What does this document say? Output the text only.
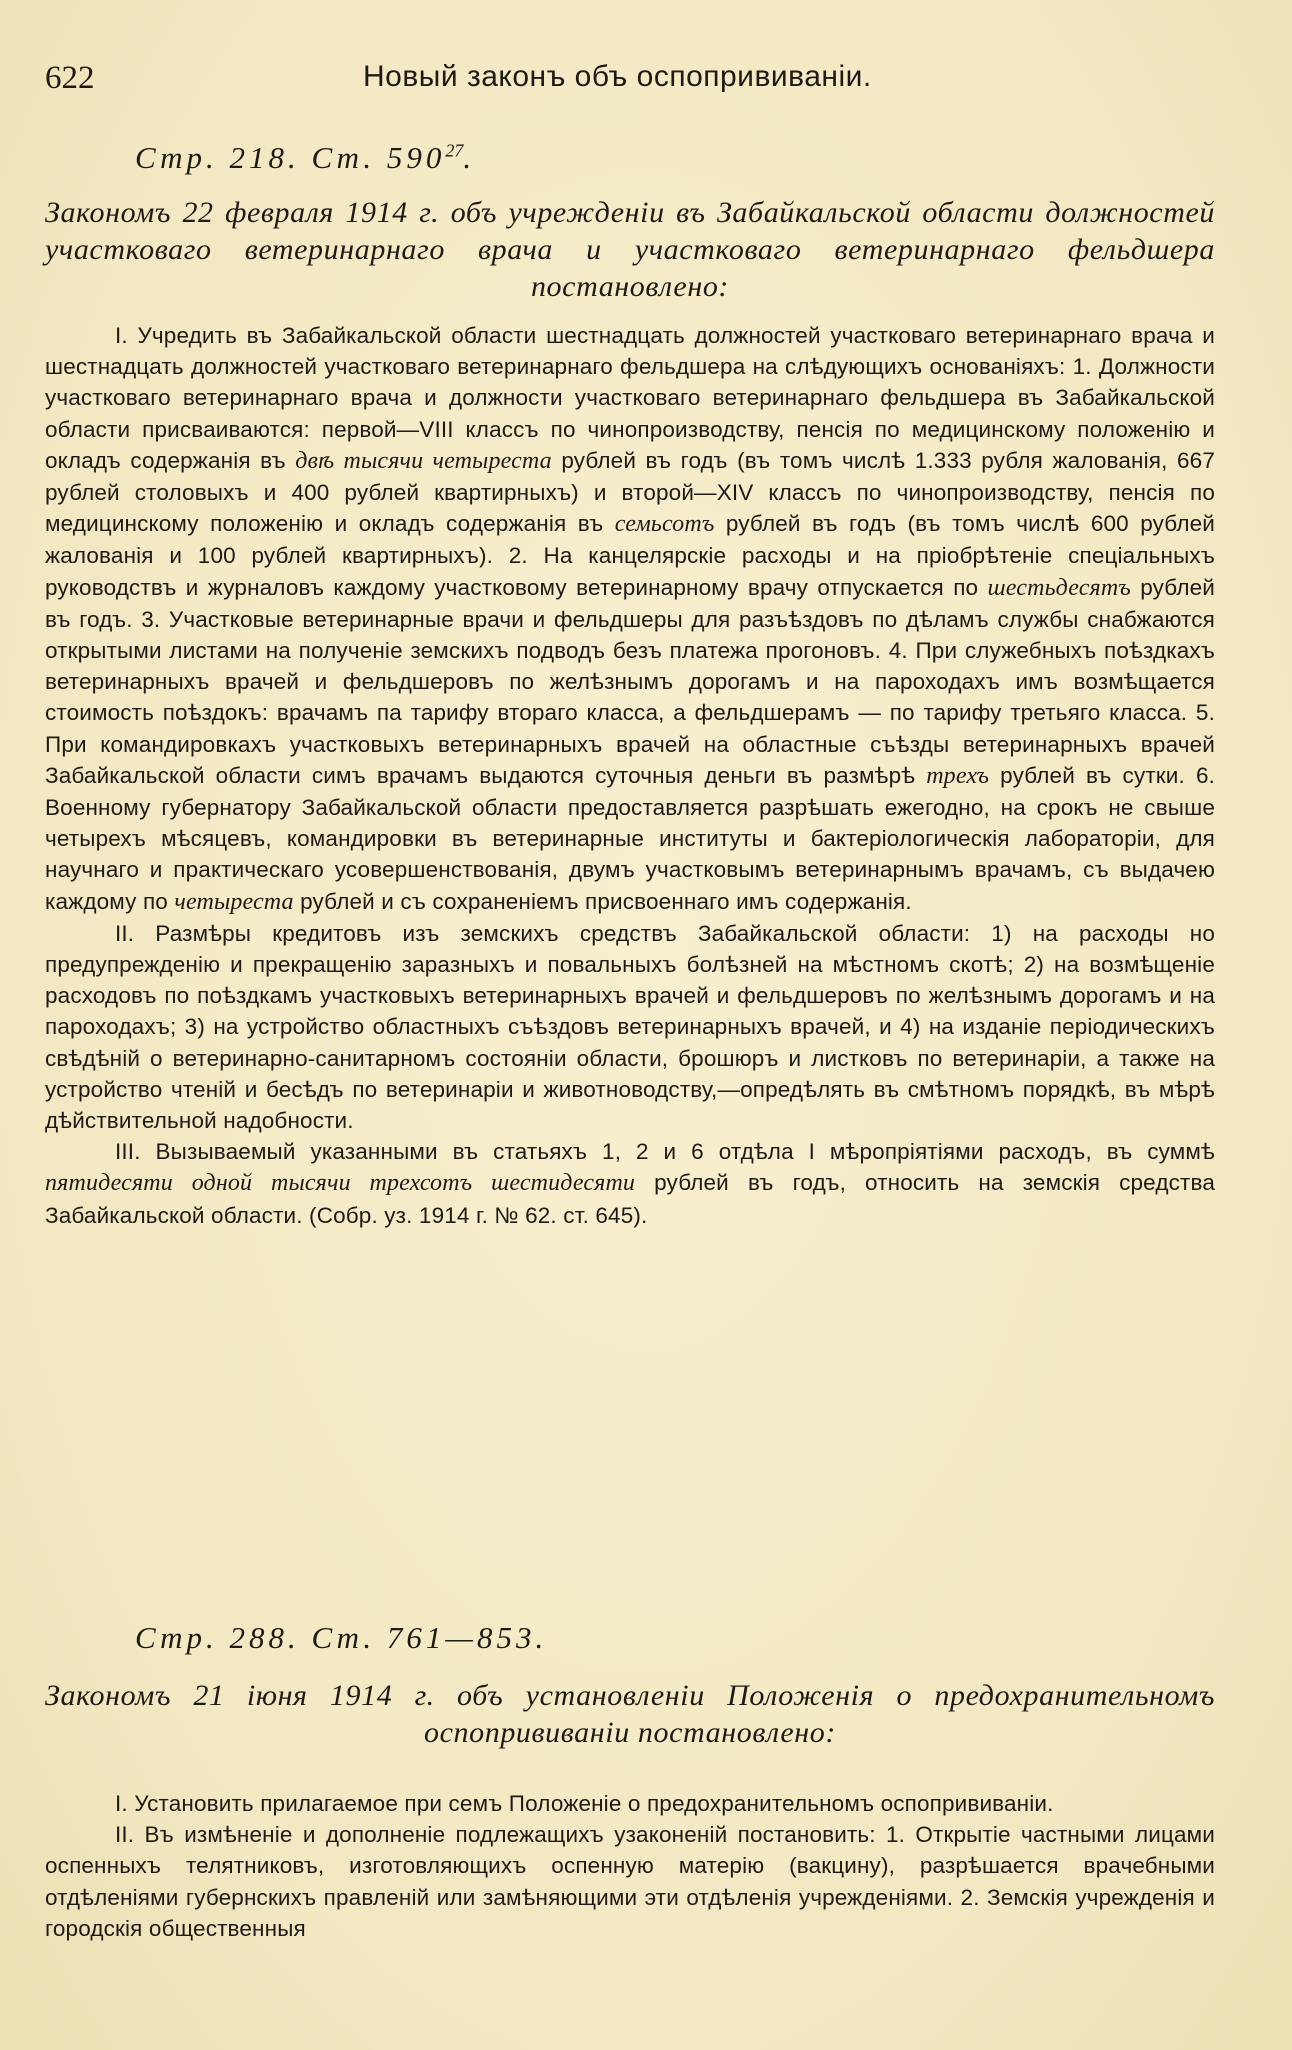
622	Новый законъ объ оспопрививаніи.
Стр. 218. Ст. $590^{27}$.
Закономъ 22 февраля 1914 г. объ учрежденіи въ Забайкальской области должностей участковаго ветеринарнаго врача и участковаго ветеринарнаго фельдшера постановлено:

I. Учредить въ Забайкальской области шестнадцать должностей участковаго ветеринарнаго врача и шестнадцать должностей участковаго ветеринарнаго фельдшера на слѣдующихъ основаніяхъ: 1. Должности участковаго ветеринарнаго врача и должности участковаго ветеринарнаго фельдшера въ Забайкальской области присваиваются: первой—VIII классъ по чинопроизводству, пенсія по медицинскому положенію и окладъ содержанія въ двѣ тысячи четыреста рублей въ годъ (въ томъ числѣ 1.333 рубля жалованія, 667 рублей столовыхъ и 400 рублей квартирныхъ) и второй—XIV классъ по чинопроизводству, пенсія по медицинскому положенію и окладъ содержанія въ семьсотъ рублей въ годъ (въ томъ числѣ 600 рублей жалованія и 100 рублей квартирныхъ). 2. На канцелярскіе расходы и на пріобрѣтеніе спеціальныхъ руководствъ и журналовъ каждому участковому ветеринарному врачу отпускается по шестьдесятъ рублей въ годъ. 3. Участковые ветеринарные врачи и фельдшеры для разъѣздовъ по дѣламъ службы снабжаются открытыми листами на полученіе земскихъ подводъ безъ платежа прогоновъ. 4. При служебныхъ поѣздкахъ ветеринарныхъ врачей и фельдшеровъ по желѣзнымъ дорогамъ и на пароходахъ имъ возмѣщается стоимость поѣздокъ: врачамъ па тарифу втораго класса, а фельдшерамъ — по тарифу третьяго класса. 5. При командировкахъ участковыхъ ветеринарныхъ врачей на областные съѣзды ветеринарныхъ врачей Забайкальской области симъ врачамъ выдаются суточныя деньги въ размѣрѣ трехъ рублей въ сутки. 6. Военному губернатору Забайкальской области предоставляется разрѣшать ежегодно, на срокъ не свыше четырехъ мѣсяцевъ, командировки въ ветеринарные институты и бактеріологическія лабораторіи, для научнаго и практическаго усовершенствованія, двумъ участковымъ ветеринарнымъ врачамъ, съ выдачею каждому по четыреста рублей и съ сохраненіемъ присвоеннаго имъ содержанія.

II. Размѣры кредитовъ изъ земскихъ средствъ Забайкальской области: 1) на расходы но предупрежденію и прекращенію заразныхъ и повальныхъ болѣзней на мѣстномъ скотѣ; 2) на возмѣщеніе расходовъ по поѣздкамъ участковыхъ ветеринарныхъ врачей и фельдшеровъ по желѣзнымъ дорогамъ и на пароходахъ; 3) на устройство областныхъ съѣздовъ ветеринарныхъ врачей, и 4) на изданіе періодическихъ свѣдѣній о ветеринарно-санитарномъ состояніи области, брошюръ и листковъ по ветеринаріи, а также на устройство чтеній и бесѣдъ по ветеринаріи и животноводству,—опредѣлять въ смѣтномъ порядкѣ, въ мѣрѣ дѣйствительной надобности.

III. Вызываемый указанными въ статьяхъ 1, 2 и 6 отдѣла I мѣропріятіями расходъ, въ суммѣ пятидесяти одной тысячи трехсотъ шестидесяти рублей въ годъ, относить на земскія средства Забайкальской области. (Собр. уз. 1914 г. № 62. ст. 645).

Стр. 288. Ст. 761—853.
Закономъ 21 іюня 1914 г. объ установленіи Положенія о предохранительномъ оспопрививаніи постановлено:

I. Установить прилагаемое при семъ Положеніе о предохранительномъ оспопрививаніи.

II. Въ измѣненіе и дополненіе подлежащихъ узаконеній постановить: 1. Открытіе частными лицами оспенныхъ телятниковъ, изготовляющихъ оспенную матерію (вакцину), разрѣшается врачебными отдѣленіями губернскихъ правленій или замѣняющими эти отдѣленія учрежденіями. 2. Земскія учрежденія и городскія общественныя
